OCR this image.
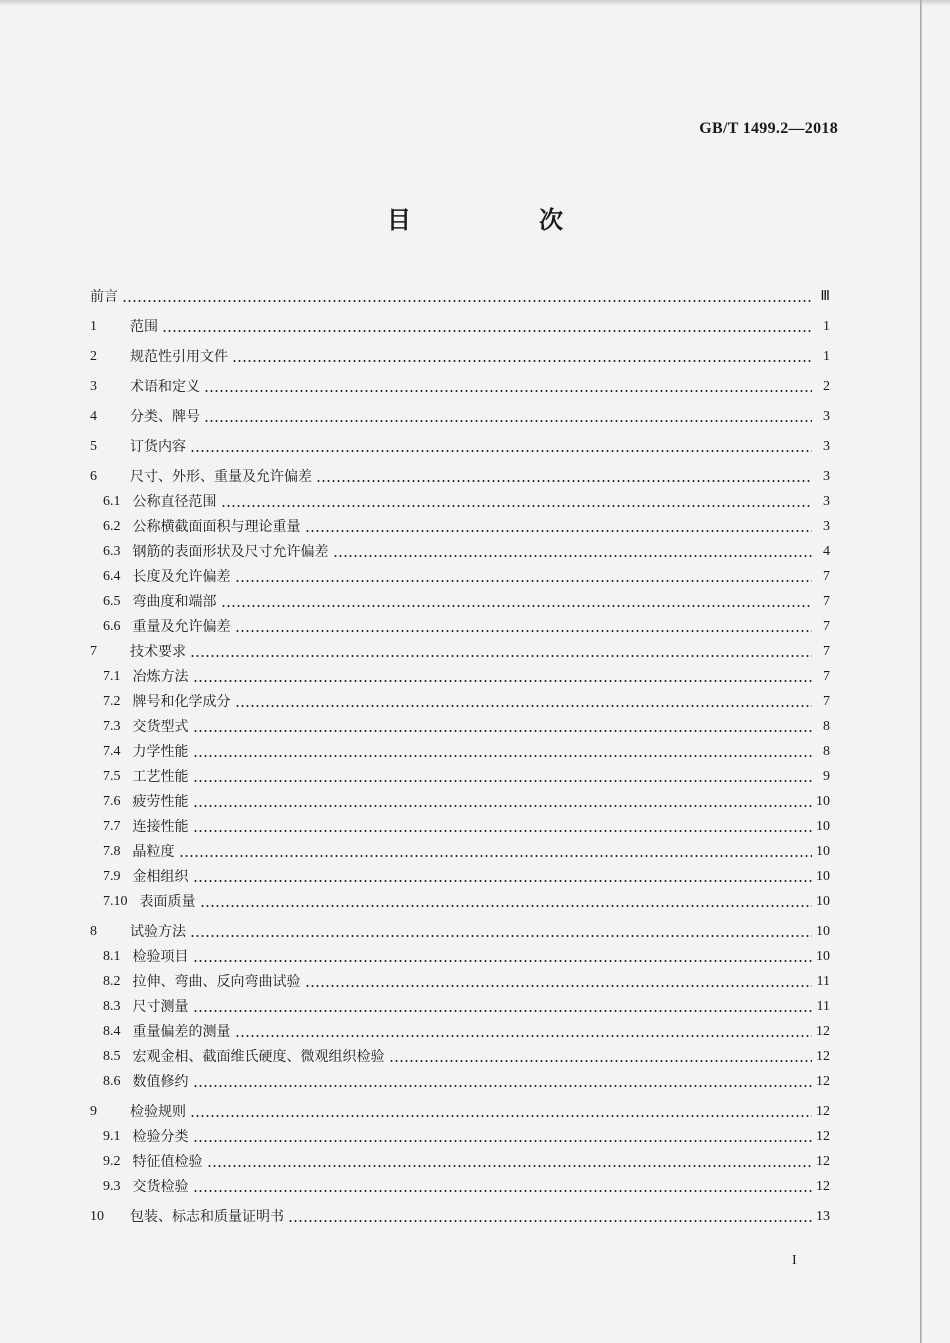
GB/T 1499.2—2018
目　次
前言	Ⅲ
1	范围	1
2	规范性引用文件	1
3	术语和定义	2
4	分类、牌号	3
5	订货内容	3
6	尺寸、外形、重量及允许偏差	3
6.1 公称直径范围	3
6.2 公称横截面面积与理论重量	3
6.3 钢筋的表面形状及尺寸允许偏差	4
6.4 长度及允许偏差	7
6.5 弯曲度和端部	7
6.6 重量及允许偏差	7
7	技术要求	7
7.1 冶炼方法	7
7.2 牌号和化学成分	7
7.3 交货型式	8
7.4 力学性能	8
7.5 工艺性能	9
7.6 疲劳性能	10
7.7 连接性能	10
7.8 晶粒度	10
7.9 金相组织	10
7.10 表面质量	10
8	试验方法	10
8.1 检验项目	10
8.2 拉伸、弯曲、反向弯曲试验	11
8.3 尺寸测量	11
8.4 重量偏差的测量	12
8.5 宏观金相、截面维氏硬度、微观组织检验	12
8.6 数值修约	12
9	检验规则	12
9.1 检验分类	12
9.2 特征值检验	12
9.3 交货检验	12
10	包装、标志和质量证明书	13
I
